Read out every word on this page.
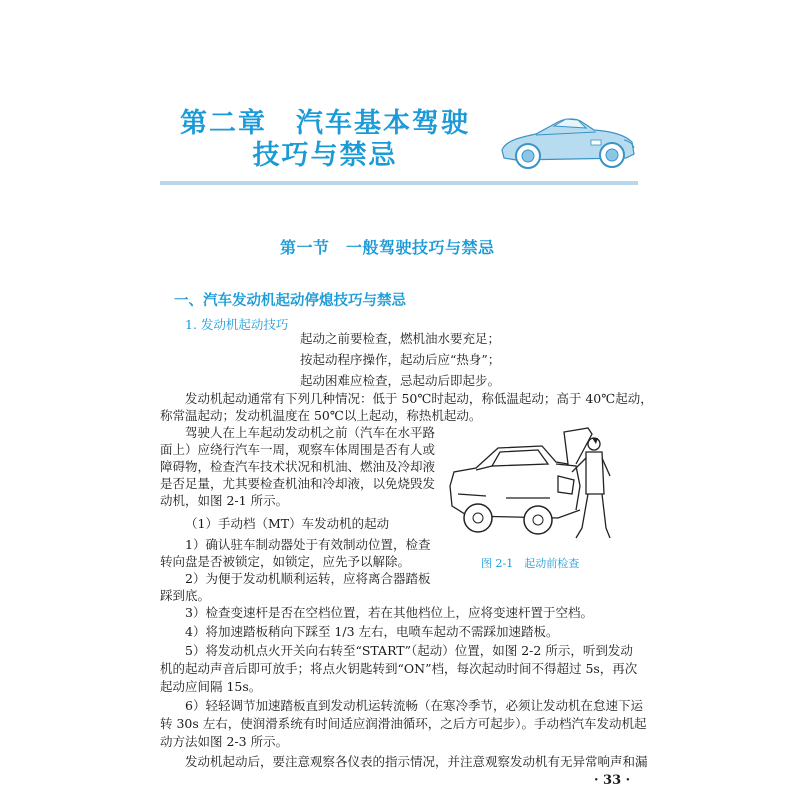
第二章　汽车基本驾驶
技巧与禁忌
第一节　一般驾驶技巧与禁忌
一、汽车发动机起动停熄技巧与禁忌
1. 发动机起动技巧
起动之前要检查，燃机油水要充足；
按起动程序操作，起动后应“热身”；
起动困难应检查，忌起动后即起步。
发动机起动通常有下列几种情况：低于 50℃时起动，称低温起动；高于 40℃起动，
称常温起动；发动机温度在 50℃以上起动，称热机起动。
驾驶人在上车起动发动机之前（汽车在水平路
面上）应绕行汽车一周，观察车体周围是否有人或
障碍物，检查汽车技术状况和机油、燃油及冷却液
是否足量，尤其要检查机油和冷却液，以免烧毁发
动机，如图 2-1 所示。
（1）手动档（MT）车发动机的起动
1）确认驻车制动器处于有效制动位置，检查
转向盘是否被锁定，如锁定，应先予以解除。
2）为便于发动机顺利运转，应将离合器踏板
踩到底。
3）检查变速杆是否在空档位置，若在其他档位上，应将变速杆置于空档。
4）将加速踏板稍向下踩至 1/3 左右，电喷车起动不需踩加速踏板。
5）将发动机点火开关向右转至“START”（起动）位置，如图 2-2 所示，听到发动
机的起动声音后即可放手；将点火钥匙转到“ON”档，每次起动时间不得超过 5s，再次
起动应间隔 15s。
6）轻轻调节加速踏板直到发动机运转流畅（在寒冷季节，必须让发动机在怠速下运
转 30s 左右，使润滑系统有时间适应润滑油循环，之后方可起步）。手动档汽车发动机起
动方法如图 2-3 所示。
发动机起动后，要注意观察各仪表的指示情况，并注意观察发动机有无异常响声和漏
图 2-1　起动前检查
· 33 ·
